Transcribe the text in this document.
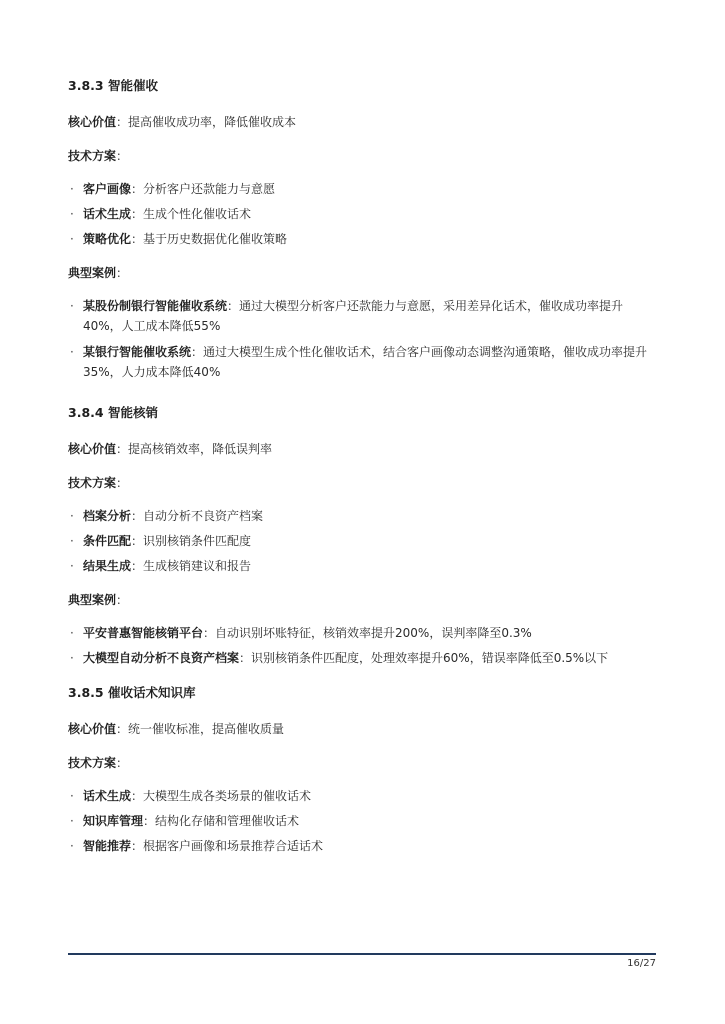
3.8.3 智能催收

核心价值：提高催收成功率，降低催收成本

技术方案：

· 客户画像：分析客户还款能力与意愿
· 话术生成：生成个性化催收话术
· 策略优化：基于历史数据优化催收策略

典型案例：

· 某股份制银行智能催收系统：通过大模型分析客户还款能力与意愿，采用差异化话术，催收成功率提升40%，人工成本降低55%
· 某银行智能催收系统：通过大模型生成个性化催收话术，结合客户画像动态调整沟通策略，催收成功率提升35%，人力成本降低40%
3.8.4 智能核销

核心价值：提高核销效率，降低误判率

技术方案：

· 档案分析：自动分析不良资产档案
· 条件匹配：识别核销条件匹配度
· 结果生成：生成核销建议和报告

典型案例：

· 平安普惠智能核销平台：自动识别坏账特征，核销效率提升200%，误判率降至0.3%
· 大模型自动分析不良资产档案：识别核销条件匹配度，处理效率提升60%，错误率降低至0.5%以下
3.8.5 催收话术知识库

核心价值：统一催收标准，提高催收质量

技术方案：

· 话术生成：大模型生成各类场景的催收话术
· 知识库管理：结构化存储和管理催收话术
· 智能推荐：根据客户画像和场景推荐合适话术
16/27
